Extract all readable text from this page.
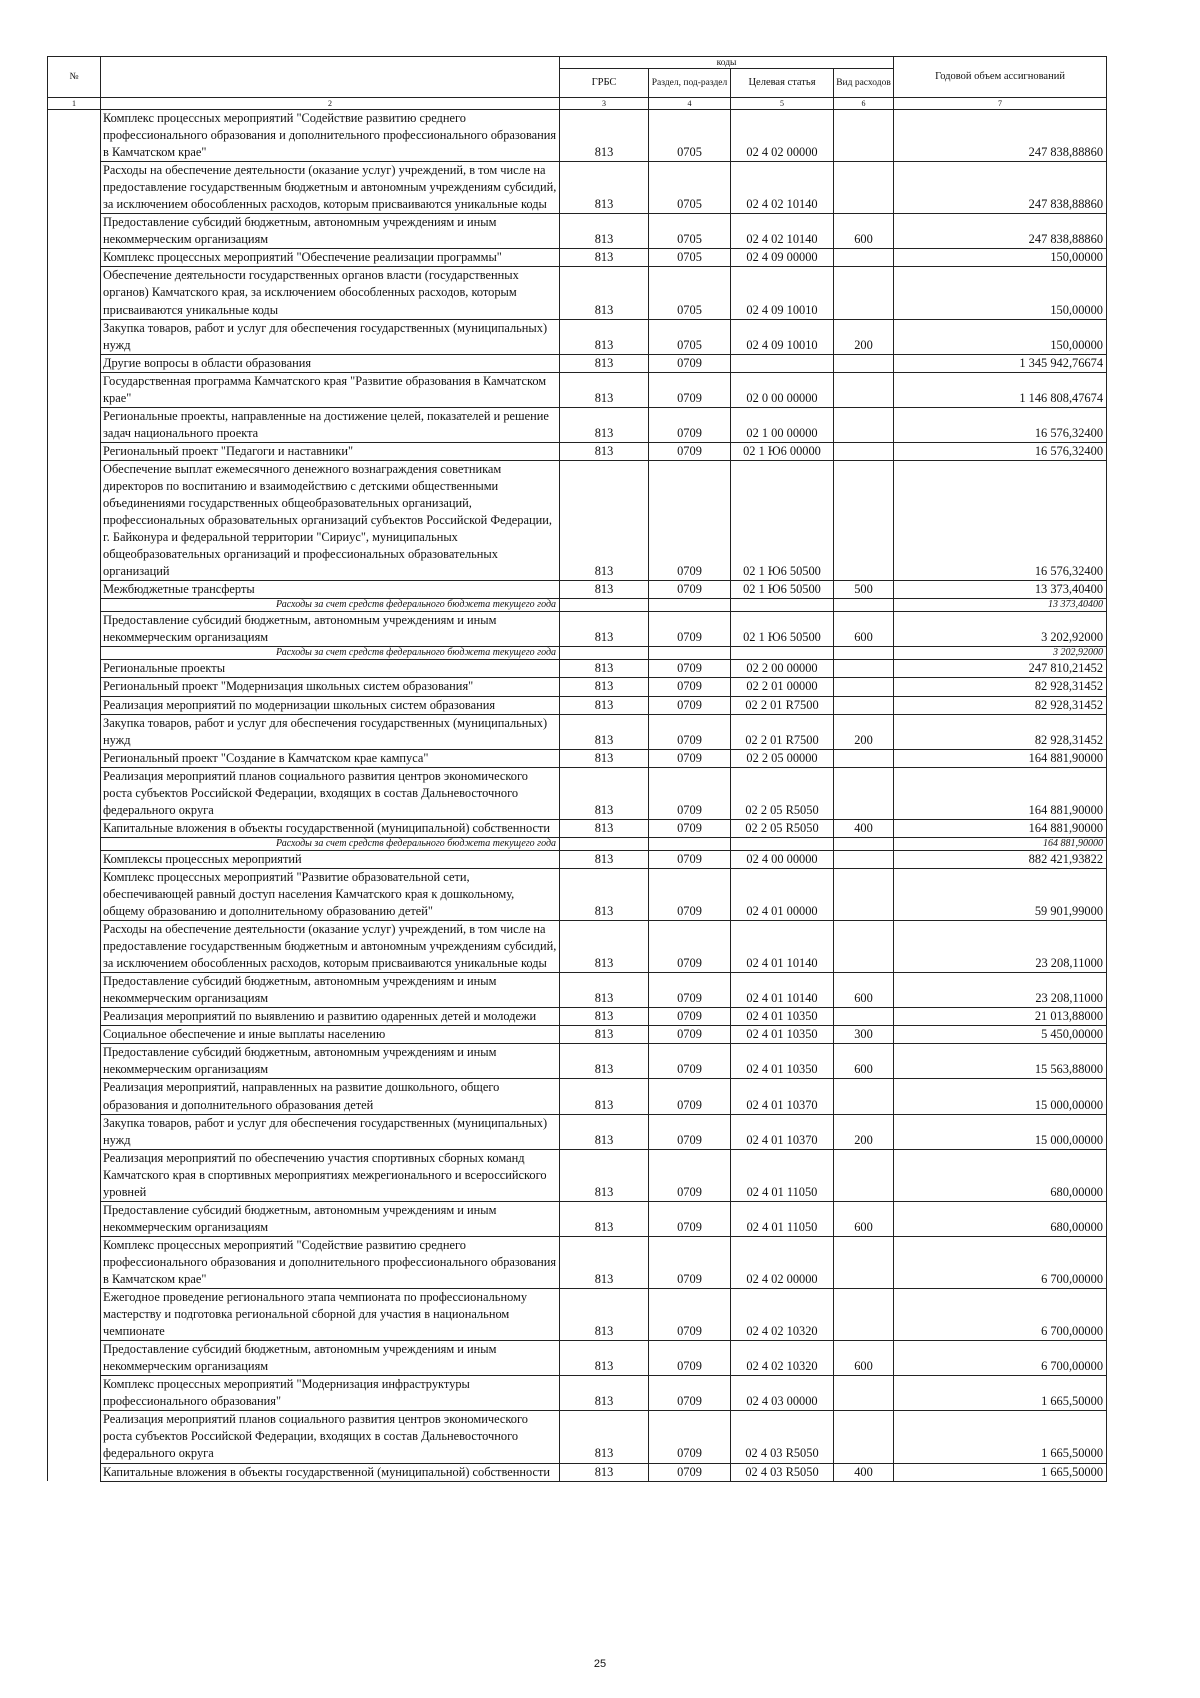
№		коды				Годовой объем ассигнований
		ГРБС	Раздел, под-раздел	Целевая статья	Вид расходов	
1	2	3	4	5	6	7
	Комплекс процессных мероприятий "Содействие развитию среднего профессионального образования и дополнительного профессионального образования в Камчатском крае"	813	0705	02 4 02 00000		247 838,88860
	Расходы на обеспечение деятельности (оказание услуг) учреждений, в том числе на предоставление государственным бюджетным и автономным учреждениям субсидий, за исключением обособленных расходов, которым присваиваются уникальные коды	813	0705	02 4 02 10140		247 838,88860
	Предоставление субсидий бюджетным, автономным учреждениям и иным некоммерческим организациям	813	0705	02 4 02 10140	600	247 838,88860
	Комплекс процессных мероприятий "Обеспечение реализации программы"	813	0705	02 4 09 00000		150,00000
	Обеспечение деятельности государственных органов власти (государственных органов) Камчатского края, за исключением обособленных расходов, которым присваиваются уникальные коды	813	0705	02 4 09 10010		150,00000
	Закупка товаров, работ и услуг для обеспечения государственных (муниципальных) нужд	813	0705	02 4 09 10010	200	150,00000
	Другие вопросы в области образования	813	0709			1 345 942,76674
	Государственная программа Камчатского края "Развитие образования в Камчатском крае"	813	0709	02 0 00 00000		1 146 808,47674
	Региональные проекты, направленные на достижение целей, показателей и решение задач национального проекта	813	0709	02 1 00 00000		16 576,32400
	Региональный проект "Педагоги и наставники"	813	0709	02 1 Ю6 00000		16 576,32400
	Обеспечение выплат ежемесячного денежного вознаграждения советникам директоров по воспитанию и взаимодействию с детскими общественными объединениями государственных общеобразовательных организаций, профессиональных образовательных организаций субъектов Российской Федерации, г. Байконура и федеральной территории "Сириус", муниципальных общеобразовательных организаций и профессиональных образовательных организаций	813	0709	02 1 Ю6 50500		16 576,32400
	Межбюджетные трансферты	813	0709	02 1 Ю6 50500	500	13 373,40400
	Расходы за счет средств федерального бюджета текущего года					13 373,40400
	Предоставление субсидий бюджетным, автономным учреждениям и иным некоммерческим организациям	813	0709	02 1 Ю6 50500	600	3 202,92000
	Расходы за счет средств федерального бюджета текущего года					3 202,92000
	Региональные проекты	813	0709	02 2 00 00000		247 810,21452
	Региональный проект "Модернизация школьных систем образования"	813	0709	02 2 01 00000		82 928,31452
	Реализация мероприятий по модернизации школьных систем образования	813	0709	02 2 01 R7500		82 928,31452
	Закупка товаров, работ и услуг для обеспечения государственных (муниципальных) нужд	813	0709	02 2 01 R7500	200	82 928,31452
	Региональный проект "Создание в Камчатском крае кампуса"	813	0709	02 2 05 00000		164 881,90000
	Реализация мероприятий планов социального развития центров экономического роста субъектов Российской Федерации, входящих в состав Дальневосточного федерального округа	813	0709	02 2 05 R5050		164 881,90000
	Капитальные вложения в объекты государственной (муниципальной) собственности	813	0709	02 2 05 R5050	400	164 881,90000
	Расходы за счет средств федерального бюджета текущего года					164 881,90000
	Комплексы процессных мероприятий	813	0709	02 4 00 00000		882 421,93822
	Комплекс процессных мероприятий "Развитие образовательной сети, обеспечивающей равный доступ населения Камчатского края к дошкольному, общему образованию и дополнительному образованию детей"	813	0709	02 4 01 00000		59 901,99000
	Расходы на обеспечение деятельности (оказание услуг) учреждений, в том числе на предоставление государственным бюджетным и автономным учреждениям субсидий, за исключением обособленных расходов, которым присваиваются уникальные коды	813	0709	02 4 01 10140		23 208,11000
	Предоставление субсидий бюджетным, автономным учреждениям и иным некоммерческим организациям	813	0709	02 4 01 10140	600	23 208,11000
	Реализация мероприятий по выявлению и развитию одаренных детей и молодежи	813	0709	02 4 01 10350		21 013,88000
	Социальное обеспечение и иные выплаты населению	813	0709	02 4 01 10350	300	5 450,00000
	Предоставление субсидий бюджетным, автономным учреждениям и иным некоммерческим организациям	813	0709	02 4 01 10350	600	15 563,88000
	Реализация мероприятий, направленных на развитие дошкольного, общего образования и дополнительного образования детей	813	0709	02 4 01 10370		15 000,00000
	Закупка товаров, работ и услуг для обеспечения государственных (муниципальных) нужд	813	0709	02 4 01 10370	200	15 000,00000
	Реализация мероприятий по обеспечению участия спортивных сборных команд Камчатского края в спортивных мероприятиях межрегионального и всероссийского уровней	813	0709	02 4 01 11050		680,00000
	Предоставление субсидий бюджетным, автономным учреждениям и иным некоммерческим организациям	813	0709	02 4 01 11050	600	680,00000
	Комплекс процессных мероприятий "Содействие развитию среднего профессионального образования и дополнительного профессионального образования в Камчатском крае"	813	0709	02 4 02 00000		6 700,00000
	Ежегодное проведение регионального этапа чемпионата по профессиональному мастерству и подготовка региональной сборной для участия в национальном чемпионате	813	0709	02 4 02 10320		6 700,00000
	Предоставление субсидий бюджетным, автономным учреждениям и иным некоммерческим организациям	813	0709	02 4 02 10320	600	6 700,00000
	Комплекс процессных мероприятий "Модернизация инфраструктуры профессионального образования"	813	0709	02 4 03 00000		1 665,50000
	Реализация мероприятий планов социального развития центров экономического роста субъектов Российской Федерации, входящих в состав Дальневосточного федерального округа	813	0709	02 4 03 R5050		1 665,50000
	Капитальные вложения в объекты государственной (муниципальной) собственности	813	0709	02 4 03 R5050	400	1 665,50000
25
